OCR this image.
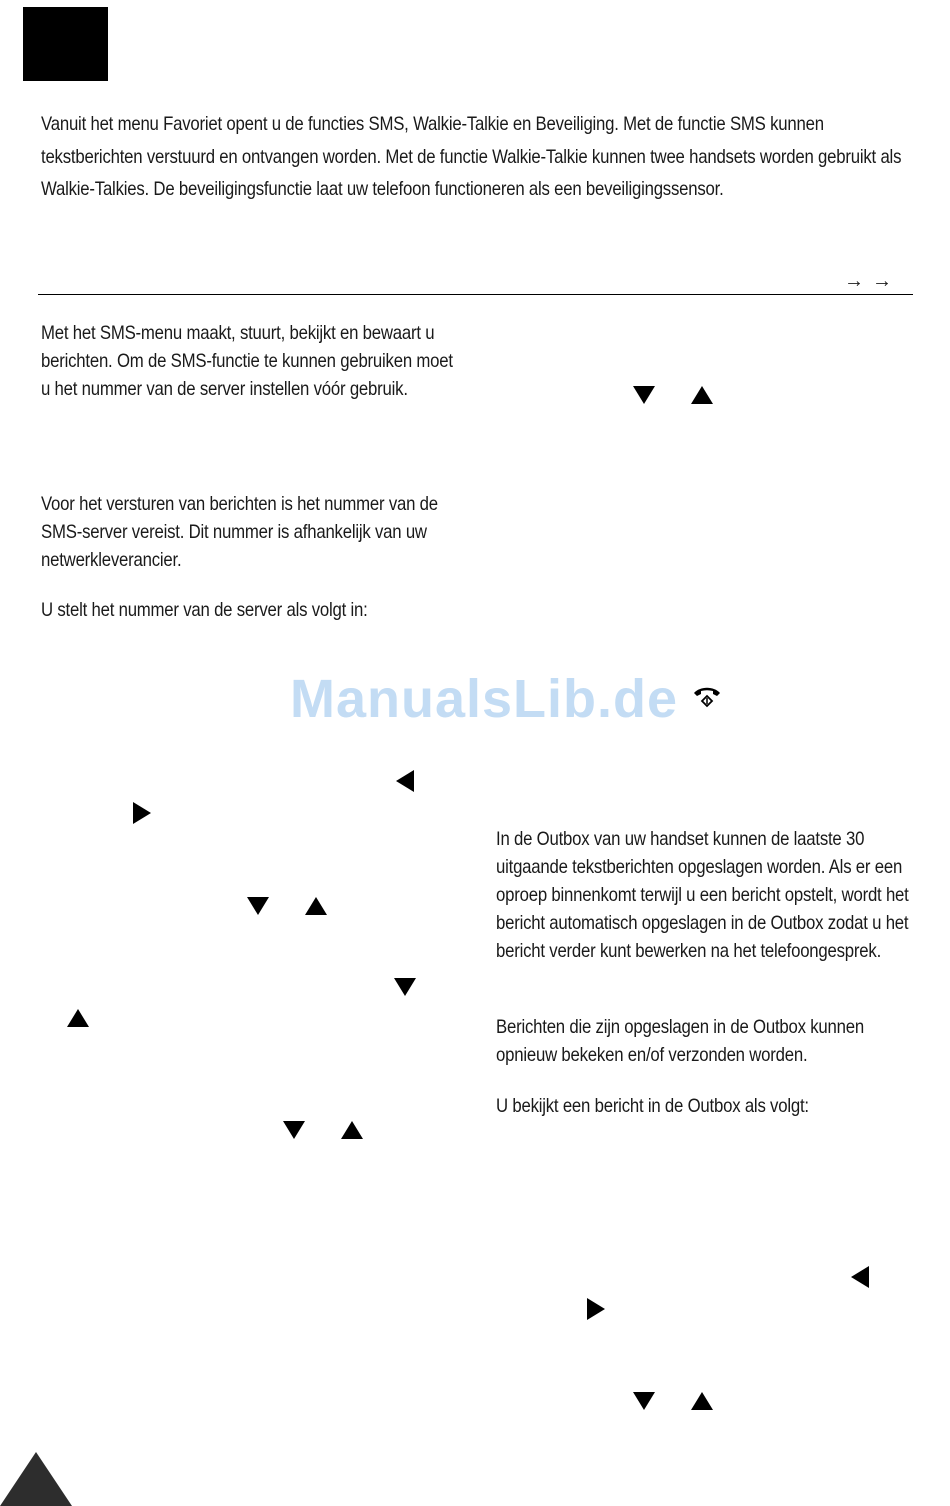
Vanuit het menu Favoriet opent u de functies SMS, Walkie-Talkie en Beveiliging. Met de functie SMS kunnen tekstberichten verstuurd en ontvangen worden. Met de functie Walkie-Talkie kunnen twee handsets worden gebruikt als Walkie-Talkies. De beveiligingsfunctie laat uw telefoon functioneren als een beveiligingssensor.
→→
Met het SMS-menu maakt, stuurt, bekijkt en bewaart u berichten. Om de SMS-functie te kunnen gebruiken moet u het nummer van de server instellen vóór gebruik.
Voor het versturen van berichten is het nummer van de SMS-server vereist. Dit nummer is afhankelijk van uw netwerkleverancier.
U stelt het nummer van de server als volgt in:
In de Outbox van uw handset kunnen de laatste 30 uitgaande tekstberichten opgeslagen worden. Als er een oproep binnenkomt terwijl u een bericht opstelt, wordt het bericht automatisch opgeslagen in de Outbox zodat u het bericht verder kunt bewerken na het telefoongesprek.
Berichten die zijn opgeslagen in de Outbox kunnen opnieuw bekeken en/of verzonden worden.
U bekijkt een bericht in de Outbox als volgt:
ManualsLib.de
